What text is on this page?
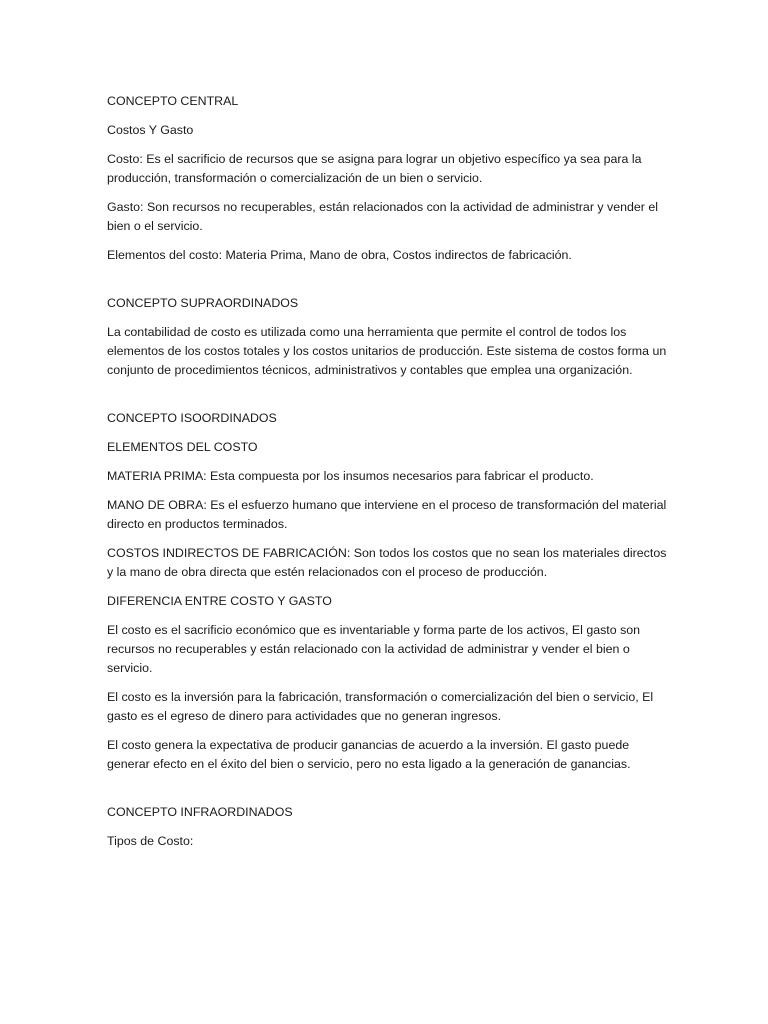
CONCEPTO CENTRAL

Costos Y Gasto

Costo: Es el sacrificio de recursos que se asigna para lograr un objetivo específico ya sea para la producción, transformación o comercialización de un bien o servicio.

Gasto: Son recursos no recuperables, están relacionados con la actividad de administrar y vender el bien o el servicio.

Elementos del costo: Materia Prima, Mano de obra, Costos indirectos de fabricación.

CONCEPTO SUPRAORDINADOS

La contabilidad de costo es utilizada como una herramienta que permite el control de todos los elementos de los costos totales y los costos unitarios de producción. Este sistema de costos forma un conjunto de procedimientos técnicos, administrativos y contables que emplea una organización.

CONCEPTO ISOORDINADOS

ELEMENTOS DEL COSTO

MATERIA PRIMA: Esta compuesta por los insumos necesarios para fabricar el producto.

MANO DE OBRA: Es el esfuerzo humano que interviene en el proceso de transformación del material directo en productos terminados.

COSTOS INDIRECTOS DE FABRICACIÓN: Son todos los costos que no sean los materiales directos y la mano de obra directa que estén relacionados con el proceso de producción.

DIFERENCIA ENTRE COSTO Y GASTO

El costo es el sacrificio económico que es inventariable y forma parte de los activos, El gasto son recursos no recuperables y están relacionado con la actividad de administrar y vender el bien o servicio.

El costo es la inversión para la fabricación, transformación o comercialización del bien o servicio, El gasto es el egreso de dinero para actividades que no generan ingresos.

El costo genera la expectativa de producir ganancias de acuerdo a la inversión. El gasto puede generar efecto en el éxito del bien o servicio, pero no esta ligado a la generación de ganancias.

CONCEPTO INFRAORDINADOS

Tipos de Costo:
